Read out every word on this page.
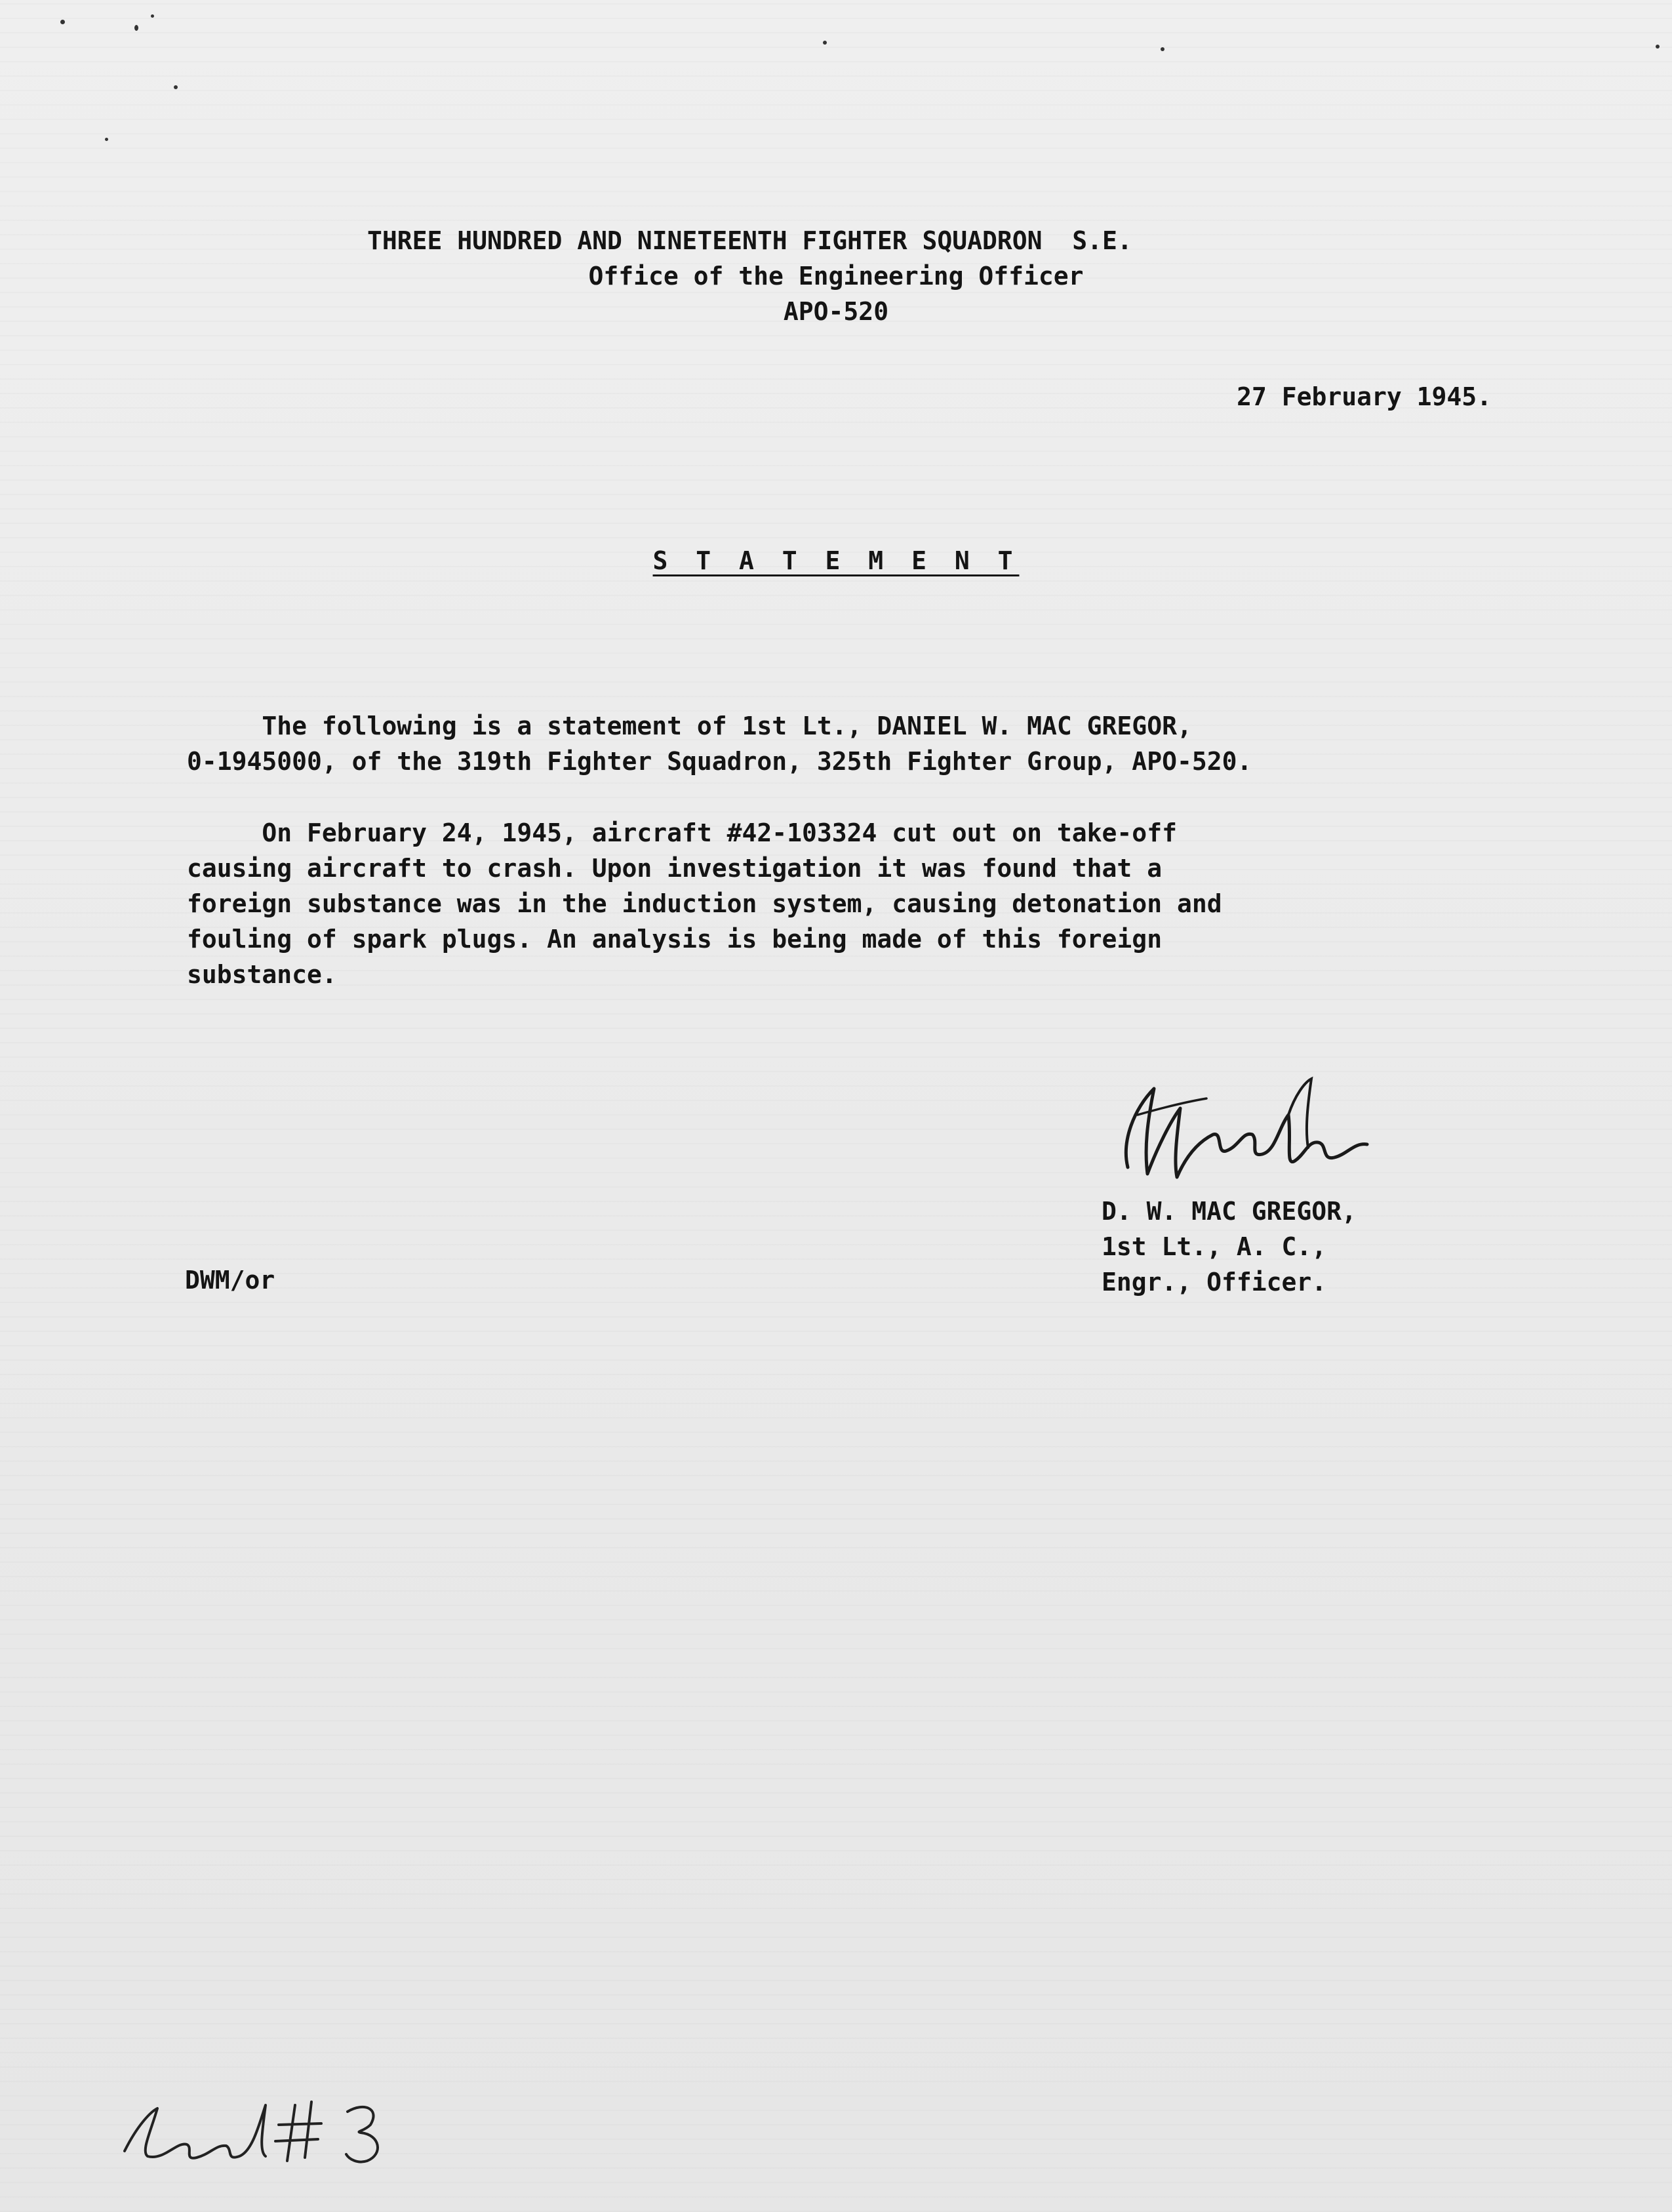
THREE HUNDRED AND NINETEENTH FIGHTER SQUADRON  S.E.

Office of the Engineering Officer

APO-520

27 February 1945.

S T A T E M E N T

The following is a statement of 1st Lt., DANIEL W. MAC GREGOR,
0-1945000, of the 319th Fighter Squadron, 325th Fighter Group, APO-520.
On February 24, 1945, aircraft #42-103324 cut out on take-off
causing aircraft to crash. Upon investigation it was found that a
foreign substance was in the induction system, causing detonation and
fouling of spark plugs. An analysis is being made of this foreign
substance.
D. W. MAC GREGOR,
1st Lt., A. C.,
Engr., Officer.

DWM/or
